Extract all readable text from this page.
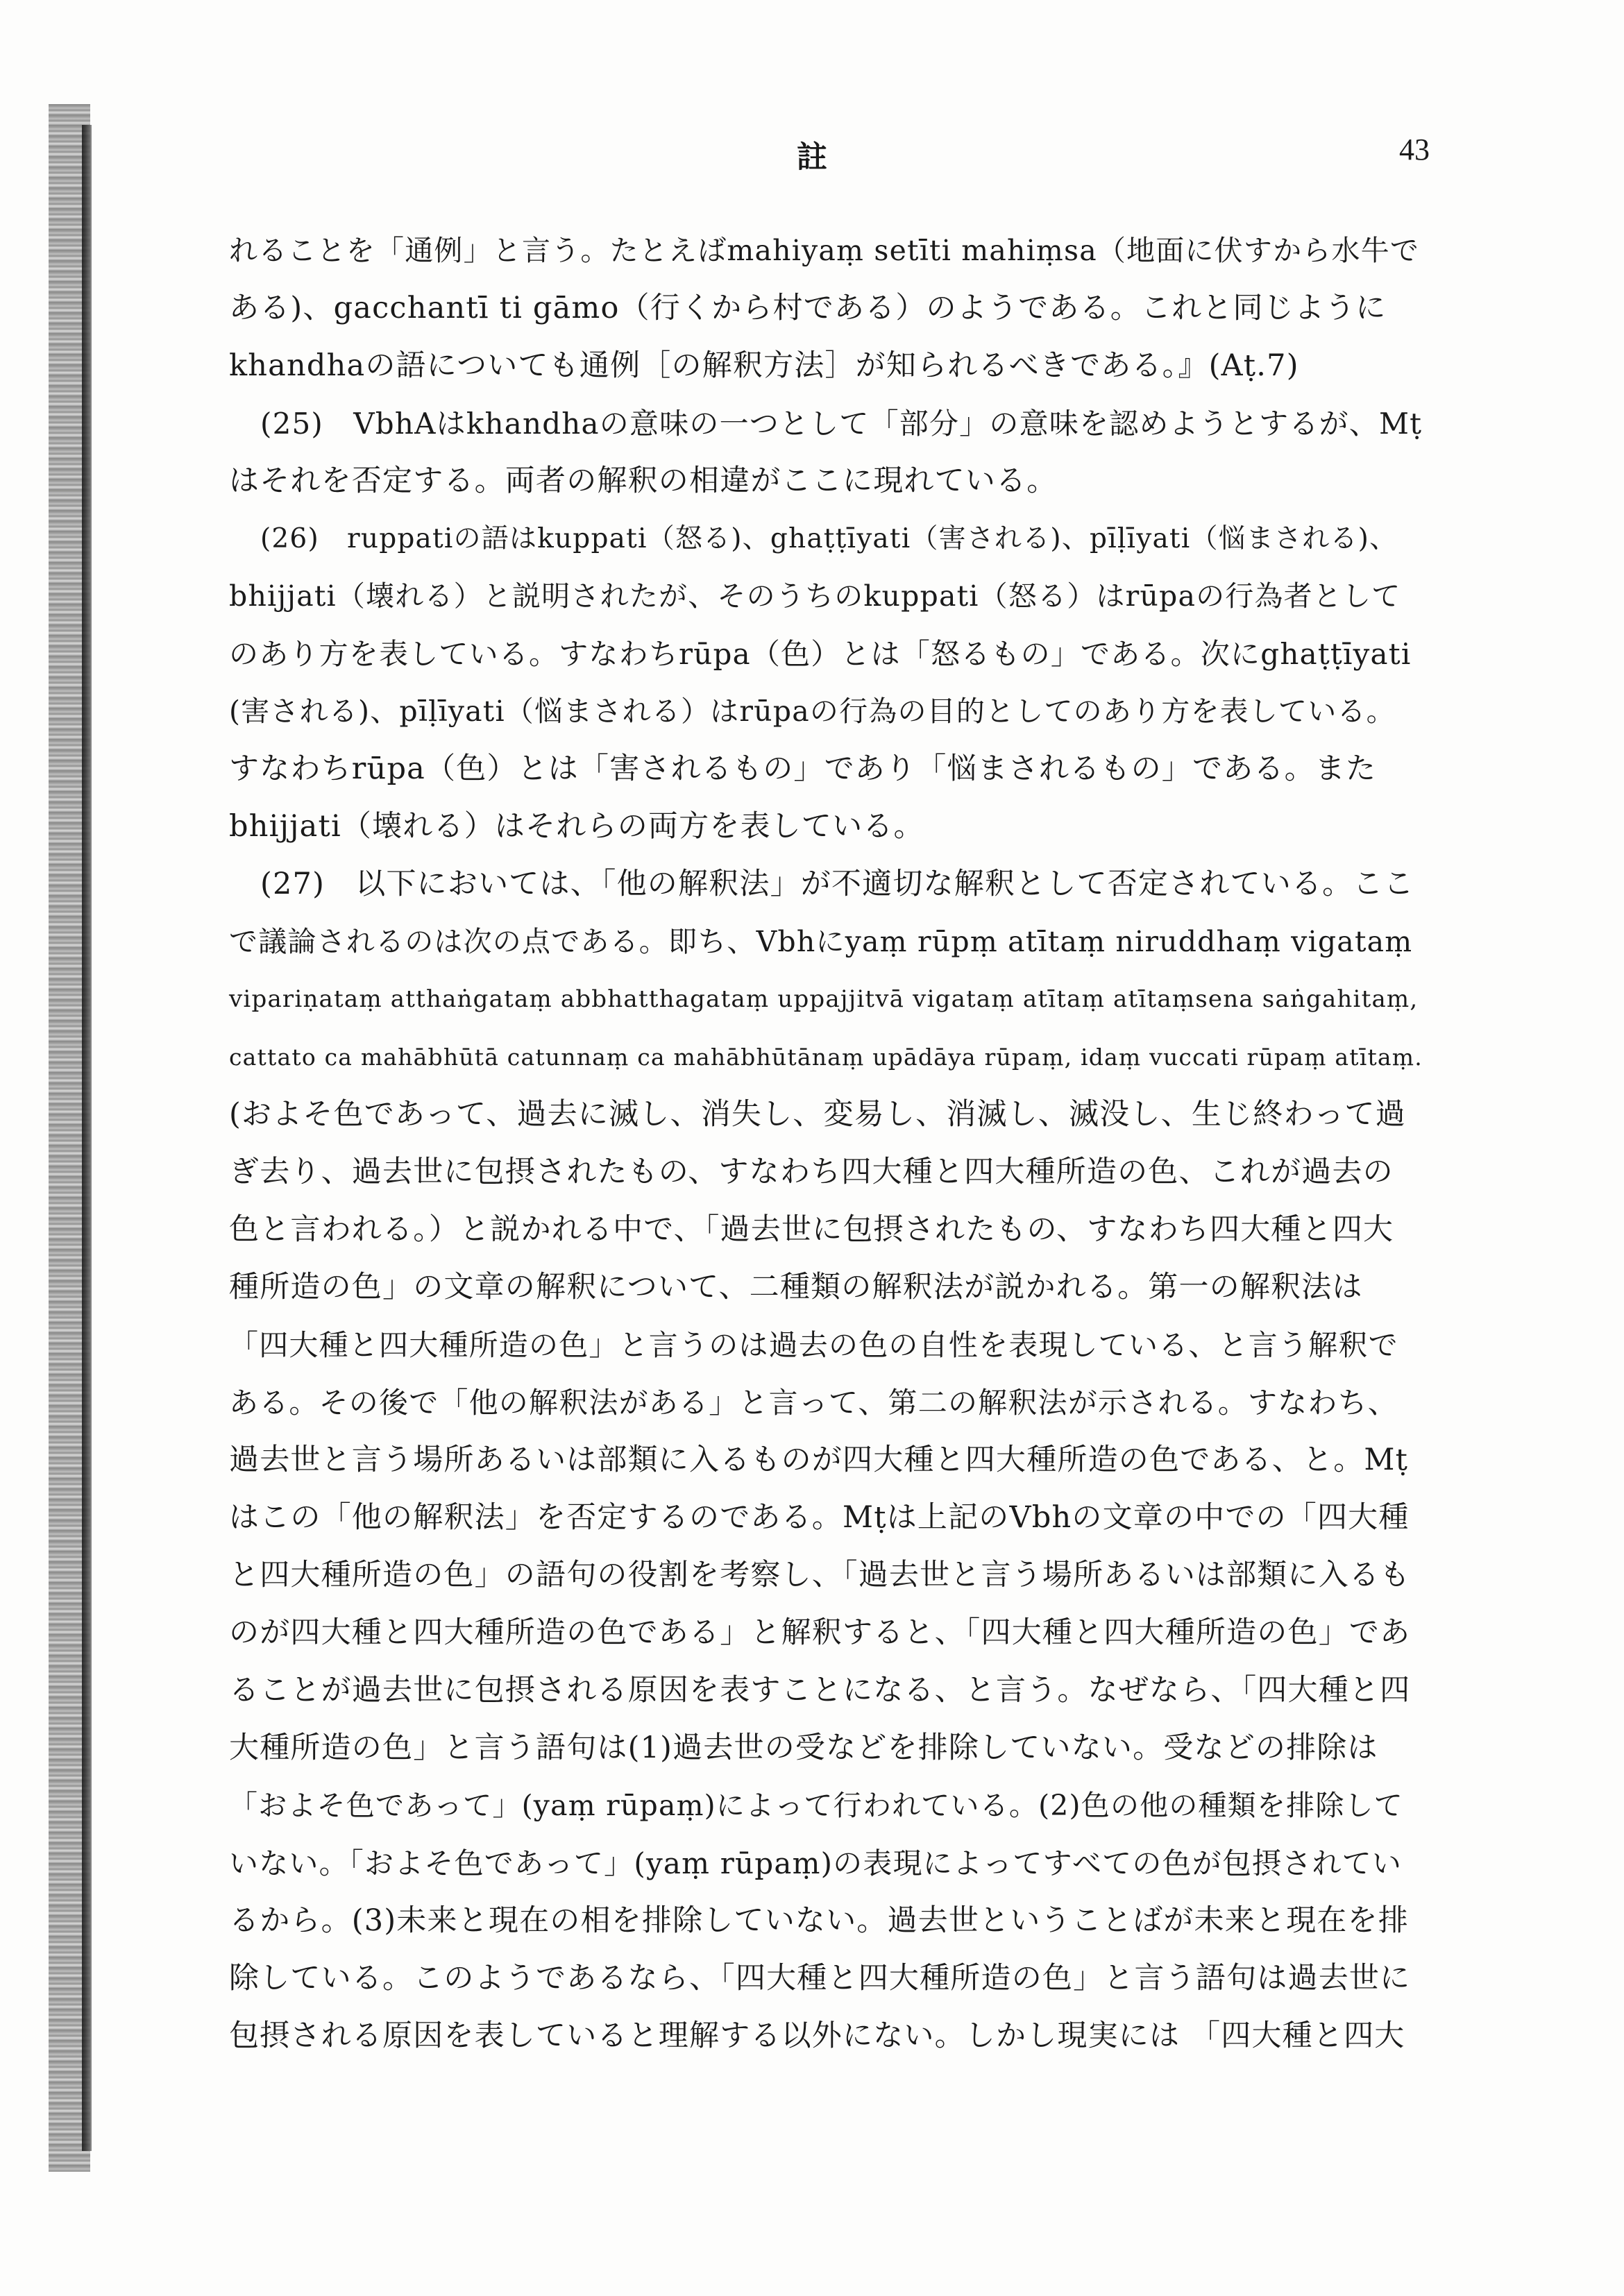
註	43
れることを「通例」と言う。たとえばmahiyaṃ setīti mahiṃsa（地面に伏すから水牛で
ある)、gacchantī ti gāmo（行くから村である）のようである。これと同じように
khandhaの語についても通例［の解釈方法］が知られるべきである。』(Aṭ.7)
(25)　VbhAはkhandhaの意味の一つとして「部分」の意味を認めようとするが、Mṭ
はそれを否定する。両者の解釈の相違がここに現れている。
(26)　ruppatiの語はkuppati（怒る)、ghaṭṭīyati（害される)、pīḷīyati（悩まされる)、
bhijjati（壊れる）と説明されたが、そのうちのkuppati（怒る）はrūpaの行為者として
のあり方を表している。すなわちrūpa（色）とは「怒るもの」である。次にghaṭṭīyati
(害される)、pīḷīyati（悩まされる）はrūpaの行為の目的としてのあり方を表している。
すなわちrūpa（色）とは「害されるもの」であり「悩まされるもの」である。また
bhijjati（壊れる）はそれらの両方を表している。
(27)　以下においては、「他の解釈法」が不適切な解釈として否定されている。ここ
で議論されるのは次の点である。即ち、Vbhにyaṃ rūpṃ atītaṃ niruddhaṃ vigataṃ
vipariṇataṃ atthaṅgataṃ abbhatthagataṃ uppajjitvā vigataṃ atītaṃ atītaṃsena saṅgahitaṃ,
cattato ca mahābhūtā catunnaṃ ca mahābhūtānaṃ upādāya rūpaṃ, idaṃ vuccati rūpaṃ atītaṃ.
(およそ色であって、過去に滅し、消失し、変易し、消滅し、滅没し、生じ終わって過
ぎ去り、過去世に包摂されたもの、すなわち四大種と四大種所造の色、これが過去の
色と言われる。）と説かれる中で、「過去世に包摂されたもの、すなわち四大種と四大
種所造の色」の文章の解釈について、二種類の解釈法が説かれる。第一の解釈法は
「四大種と四大種所造の色」と言うのは過去の色の自性を表現している、と言う解釈で
ある。その後で「他の解釈法がある」と言って、第二の解釈法が示される。すなわち、
過去世と言う場所あるいは部類に入るものが四大種と四大種所造の色である、と。Mṭ
はこの「他の解釈法」を否定するのである。Mṭは上記のVbhの文章の中での「四大種
と四大種所造の色」の語句の役割を考察し、「過去世と言う場所あるいは部類に入るも
のが四大種と四大種所造の色である」と解釈すると、「四大種と四大種所造の色」であ
ることが過去世に包摂される原因を表すことになる、と言う。なぜなら、「四大種と四
大種所造の色」と言う語句は(1)過去世の受などを排除していない。受などの排除は
「およそ色であって」(yaṃ rūpaṃ)によって行われている。(2)色の他の種類を排除して
いない。「およそ色であって」(yaṃ rūpaṃ)の表現によってすべての色が包摂されてい
るから。(3)未来と現在の相を排除していない。過去世ということばが未来と現在を排
除している。このようであるなら、「四大種と四大種所造の色」と言う語句は過去世に
包摂される原因を表していると理解する以外にない。しかし現実には 「四大種と四大
